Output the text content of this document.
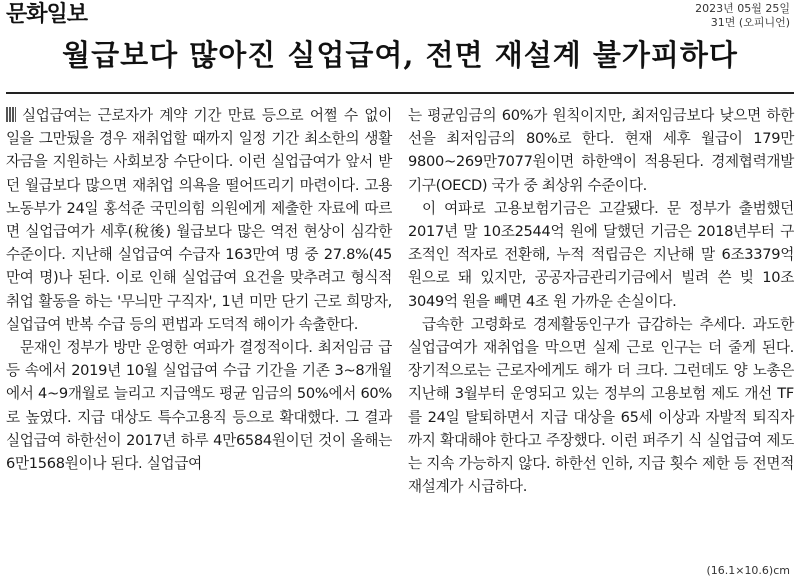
문화일보	2023년 05월 25일
31면 (오피니언)
월급보다 많아진 실업급여, 전면 재설계 불가피하다

실업급여는 근로자가 계약 기간 만료 등으로 어쩔 수 없이 일을 그만뒀을 경우 재취업할 때까지 일정 기간 최소한의 생활자금을 지원하는 사회보장 수단이다. 이런 실업급여가 앞서 받던 월급보다 많으면 재취업 의욕을 떨어뜨리기 마련이다. 고용노동부가 24일 홍석준 국민의힘 의원에게 제출한 자료에 따르면 실업급여가 세후(稅後) 월급보다 많은 역전 현상이 심각한 수준이다. 지난해 실업급여 수급자 163만여 명 중 27.8%(45만여 명)나 된다. 이로 인해 실업급여 요건을 맞추려고 형식적 취업 활동을 하는 '무늬만 구직자', 1년 미만 단기 근로 희망자, 실업급여 반복 수급 등의 편법과 도덕적 해이가 속출한다.

문재인 정부가 방만 운영한 여파가 결정적이다. 최저임금 급등 속에서 2019년 10월 실업급여 수급 기간을 기존 3~8개월에서 4~9개월로 늘리고 지급액도 평균 임금의 50%에서 60%로 높였다. 지급 대상도 특수고용직 등으로 확대했다. 그 결과 실업급여 하한선이 2017년 하루 4만6584원이던 것이 올해는 6만1568원이나 된다. 실업급여

는 평균임금의 60%가 원칙이지만, 최저임금보다 낮으면 하한선을 최저임금의 80%로 한다. 현재 세후 월급이 179만9800~269만7077원이면 하한액이 적용된다. 경제협력개발기구(OECD) 국가 중 최상위 수준이다.

이 여파로 고용보험기금은 고갈됐다. 문 정부가 출범했던 2017년 말 10조2544억 원에 달했던 기금은 2018년부터 구조적인 적자로 전환해, 누적 적립금은 지난해 말 6조3379억 원으로 돼 있지만, 공공자금관리기금에서 빌려 쓴 빚 10조3049억 원을 빼면 4조 원 가까운 손실이다.

급속한 고령화로 경제활동인구가 급감하는 추세다. 과도한 실업급여가 재취업을 막으면 실제 근로 인구는 더 줄게 된다. 장기적으로는 근로자에게도 해가 더 크다. 그런데도 양 노총은 지난해 3월부터 운영되고 있는 정부의 고용보험 제도 개선 TF를 24일 탈퇴하면서 지급 대상을 65세 이상과 자발적 퇴직자까지 확대해야 한다고 주장했다. 이런 퍼주기 식 실업급여 제도는 지속 가능하지 않다. 하한선 인하, 지급 횟수 제한 등 전면적 재설계가 시급하다.

(16.1×10.6)cm
